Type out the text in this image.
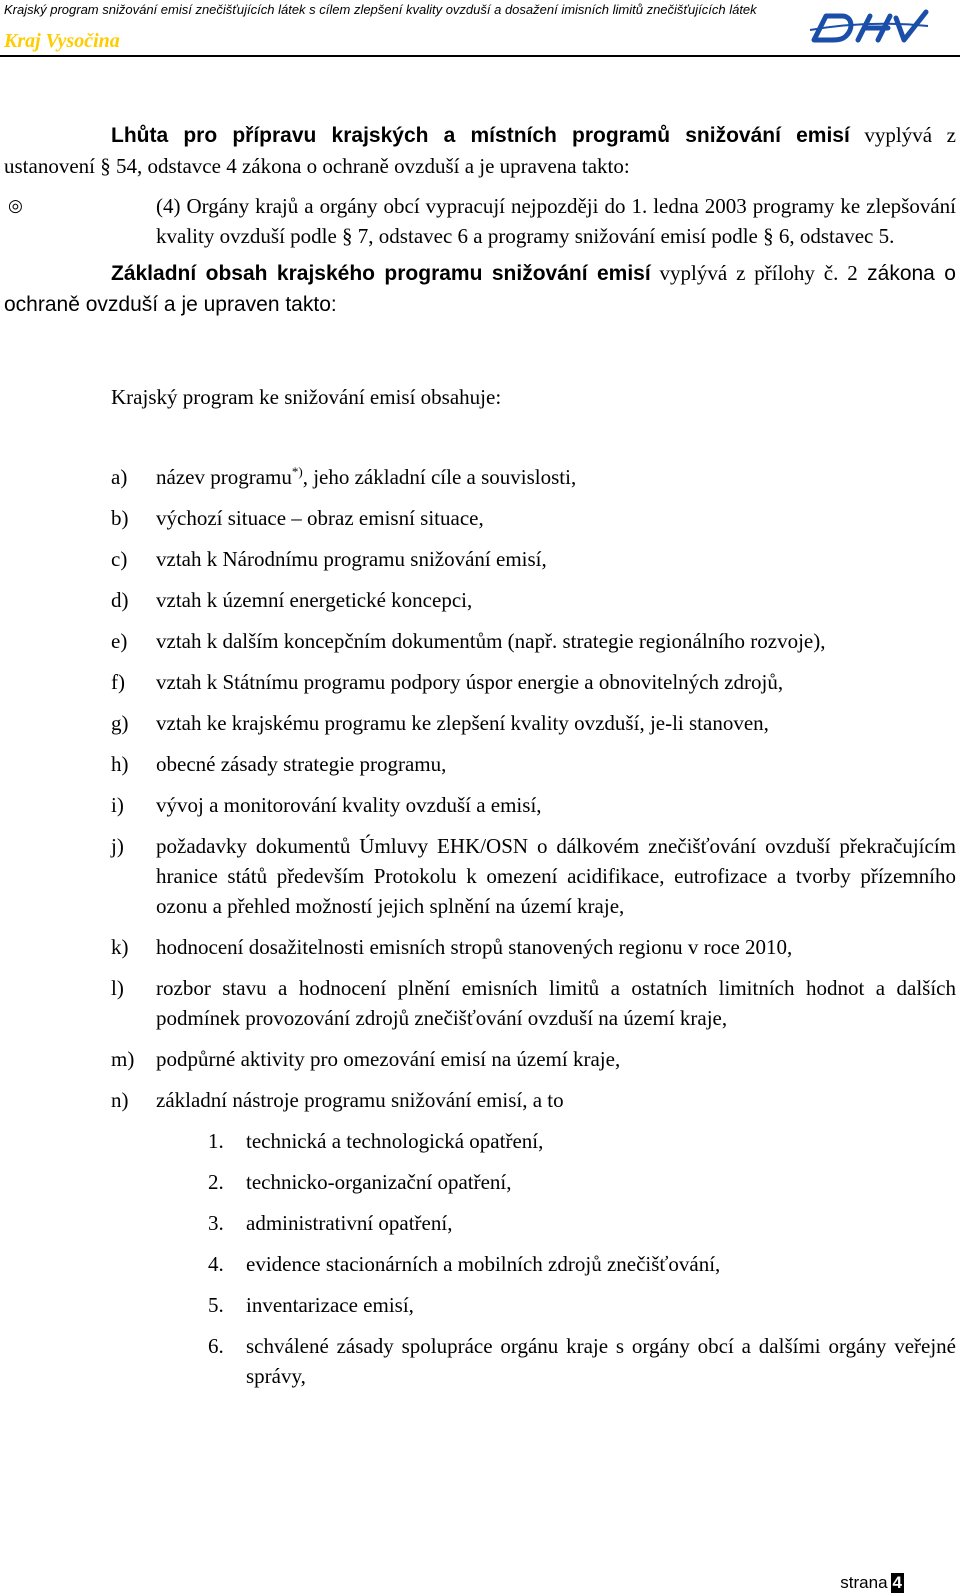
Krajský program snižování emisí znečišťujících látek s cílem zlepšení kvality ovzduší a dosažení imisních limitů znečišťujících látek
Kraj Vysočina

Lhůta pro přípravu krajských a místních programů snižování emisí vyplývá z ustanovení § 54, odstavce 4 zákona o ochraně ovzduší a je upravena takto:

◎	(4) Orgány krajů a orgány obcí vypracují nejpozději do 1. ledna 2003 programy ke zlepšování kvality ovzduší podle § 7, odstavec 6 a programy snižování emisí podle § 6, odstavec 5.

Základní obsah krajského programu snižování emisí vyplývá z přílohy č. 2 zákona o ochraně ovzduší a je upraven takto:

Krajský program ke snižování emisí obsahuje:
a)	název programu*), jeho základní cíle a souvislosti,
b)	výchozí situace – obraz emisní situace,
c)	vztah k Národnímu programu snižování emisí,
d)	vztah k územní energetické koncepci,
e)	vztah k dalším koncepčním dokumentům (např. strategie regionálního rozvoje),
f)	vztah k Státnímu programu podpory úspor energie a obnovitelných zdrojů,
g)	vztah ke krajskému programu ke zlepšení kvality ovzduší, je-li stanoven,
h)	obecné zásady strategie programu,
i)	vývoj a monitorování kvality ovzduší a emisí,
j)	požadavky dokumentů Úmluvy EHK/OSN o dálkovém znečišťování ovzduší překračujícím hranice států především Protokolu k omezení acidifikace, eutrofizace a tvorby přízemního ozonu a přehled možností jejich splnění na území kraje,
k)	hodnocení dosažitelnosti emisních stropů stanovených regionu v roce 2010,
l)	rozbor stavu a hodnocení plnění emisních limitů a ostatních limitních hodnot a dalších podmínek provozování zdrojů znečišťování ovzduší na území kraje,
m)	podpůrné aktivity pro omezování emisí na území kraje,
n)	základní nástroje programu snižování emisí, a to
1.	technická a technologická opatření,
2.	technicko-organizační opatření,
3.	administrativní opatření,
4.	evidence stacionárních a mobilních zdrojů znečišťování,
5.	inventarizace emisí,
6.	schválené zásady spolupráce orgánu kraje s orgány obcí a dalšími orgány veřejné správy,
strana 4
